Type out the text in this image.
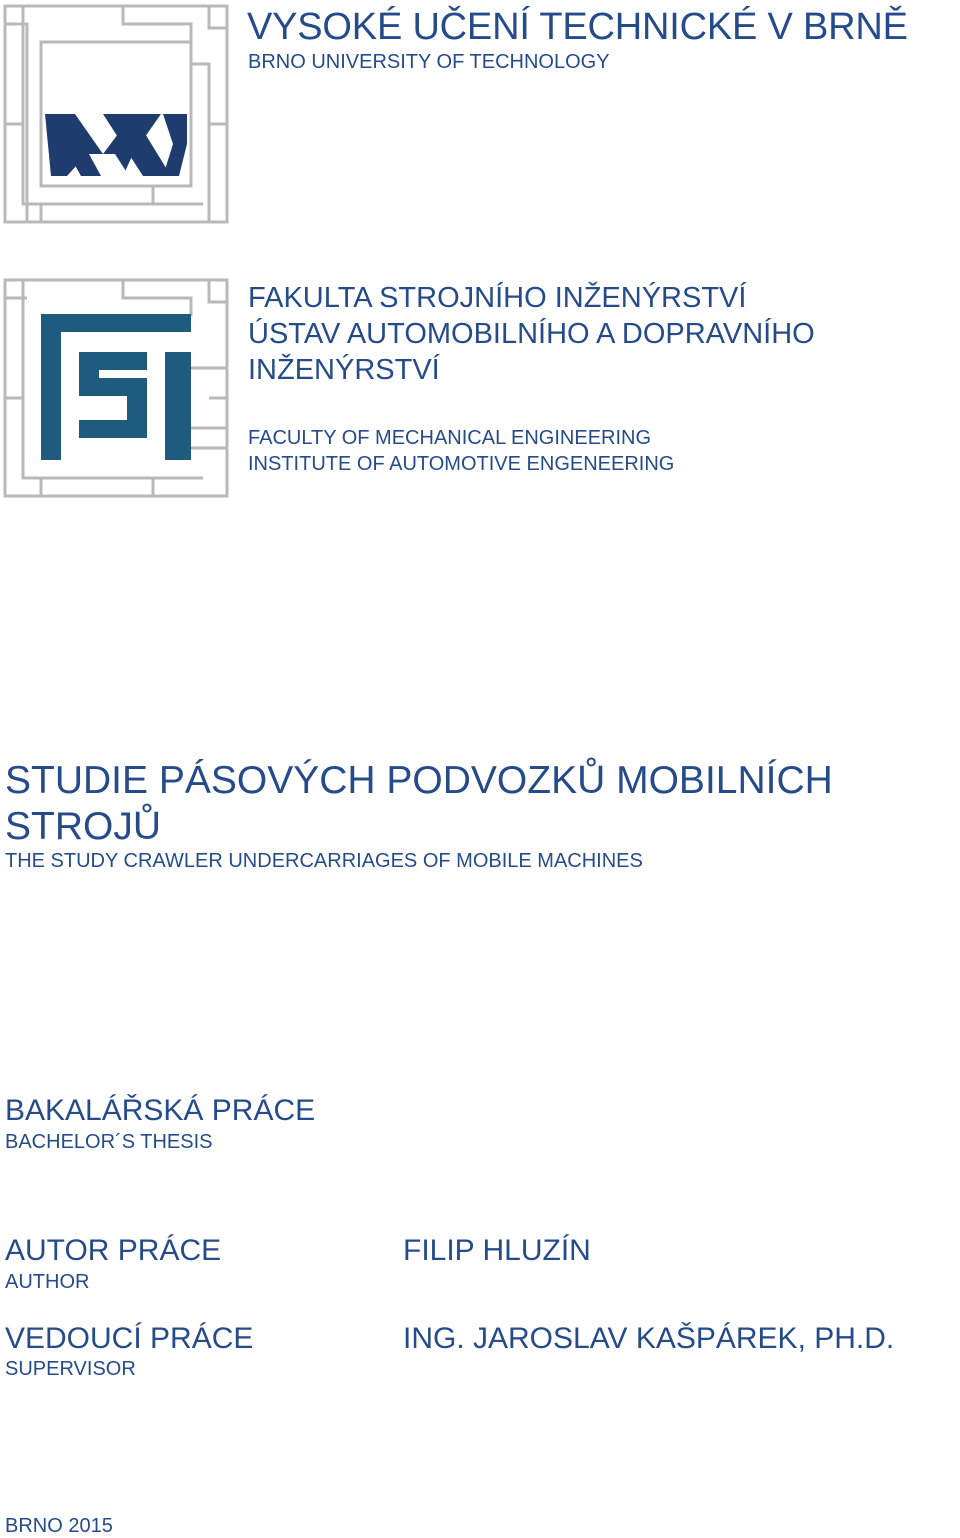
VYSOKÉ UČENÍ TECHNICKÉ V BRNĚ
BRNO UNIVERSITY OF TECHNOLOGY
FAKULTA STROJNÍHO INŽENÝRSTVÍ
ÚSTAV AUTOMOBILNÍHO A DOPRAVNÍHO
INŽENÝRSTVÍ
FACULTY OF MECHANICAL ENGINEERING
INSTITUTE OF AUTOMOTIVE ENGENEERING
STUDIE PÁSOVÝCH PODVOZKŮ MOBILNÍCH
STROJŮ
THE STUDY CRAWLER UNDERCARRIAGES OF MOBILE MACHINES
BAKALÁŘSKÁ PRÁCE
BACHELOR´S THESIS
AUTOR PRÁCE
AUTHOR
FILIP HLUZÍN
VEDOUCÍ PRÁCE
SUPERVISOR
ING. JAROSLAV KAŠPÁREK, PH.D.
BRNO 2015
